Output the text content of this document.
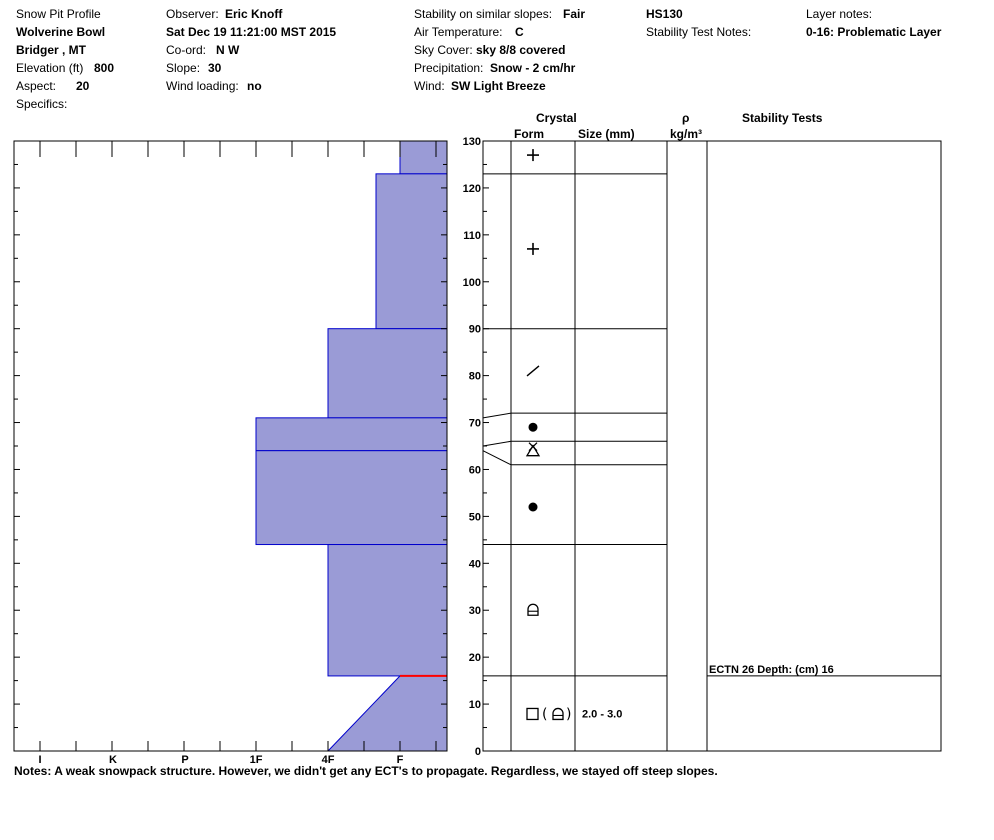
Snow Pit Profile
Wolverine Bowl
Bridger , MT
Elevation (ft) 800
Aspect: 20
Specifics:
Observer: Eric Knoff
Sat Dec 19 11:21:00 MST 2015
Co-ord: N W
Slope: 30
Wind loading: no
Stability on similar slopes: Fair
Air Temperature: C
Sky Cover: sky 8/8 covered
Precipitation: Snow - 2 cm/hr
Wind: SW Light Breeze
HS130
Stability Test Notes:
Layer notes:
0-16: Problematic Layer
Crystal
Form	Size (mm)
ρ
kg/m³
Stability Tests
Notes: A weak snowpack structure. However, we didn't get any ECT's to propagate. Regardless, we stayed off steep slopes.
0
10
20
30
40
50
60
70
80
90
100
110
120
130
I	K	P	1F	4F	F
( ) 2.0 - 3.0
ECTN 26 Depth: (cm) 16
